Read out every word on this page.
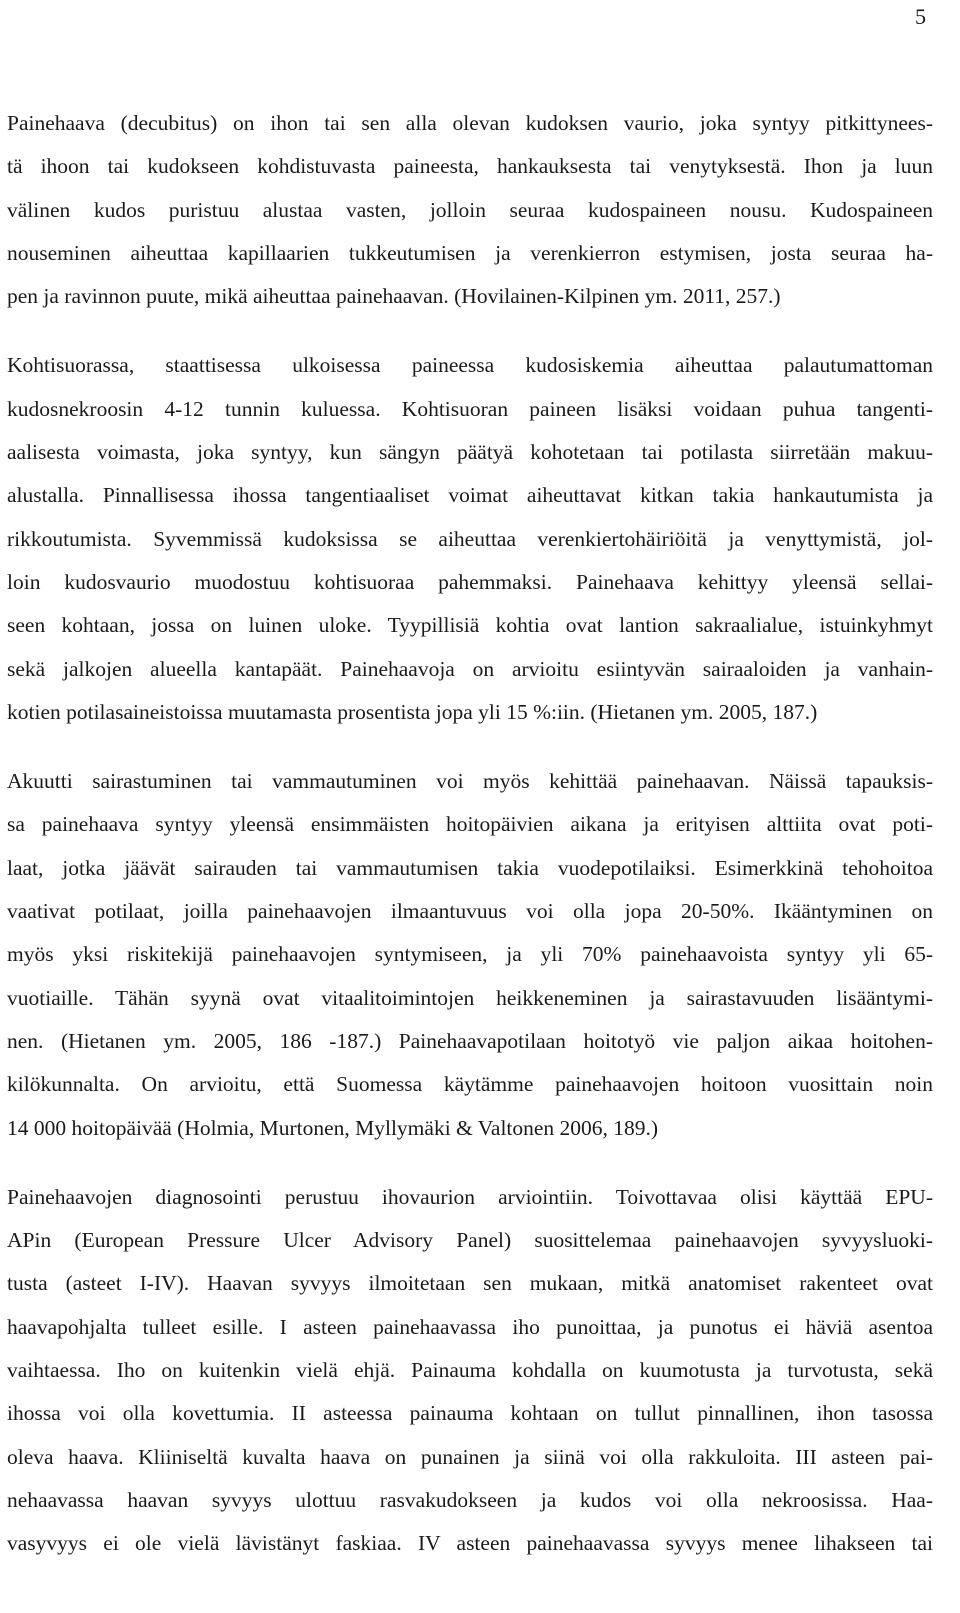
5
Painehaava (decubitus) on ihon tai sen alla olevan kudoksen vaurio, joka syntyy pitkittynees-
tä ihoon tai kudokseen kohdistuvasta paineesta, hankauksesta tai venytyksestä. Ihon ja luun
välinen kudos puristuu alustaa vasten, jolloin seuraa kudospaineen nousu. Kudospaineen
nouseminen aiheuttaa kapillaarien tukkeutumisen ja verenkierron estymisen, josta seuraa ha-
pen ja ravinnon puute, mikä aiheuttaa painehaavan. (Hovilainen-Kilpinen ym. 2011, 257.)
Kohtisuorassa, staattisessa ulkoisessa paineessa kudosiskemia aiheuttaa palautumattoman
kudosnekroosin 4-12 tunnin kuluessa. Kohtisuoran paineen lisäksi voidaan puhua tangenti-
aalisesta voimasta, joka syntyy, kun sängyn päätyä kohotetaan tai potilasta siirretään makuu-
alustalla. Pinnallisessa ihossa tangentiaaliset voimat aiheuttavat kitkan takia hankautumista ja
rikkoutumista. Syvemmissä kudoksissa se aiheuttaa verenkiertohäiriöitä ja venyttymistä, jol-
loin kudosvaurio muodostuu kohtisuoraa pahemmaksi. Painehaava kehittyy yleensä sellai-
seen kohtaan, jossa on luinen uloke. Tyypillisiä kohtia ovat lantion sakraalialue, istuinkyhmyt
sekä jalkojen alueella kantapäät. Painehaavoja on arvioitu esiintyvän sairaaloiden ja vanhain-
kotien potilasaineistoissa muutamasta prosentista jopa yli 15 %:iin. (Hietanen ym. 2005, 187.)
Akuutti sairastuminen tai vammautuminen voi myös kehittää painehaavan. Näissä tapauksis-
sa painehaava syntyy yleensä ensimmäisten hoitopäivien aikana ja erityisen alttiita ovat poti-
laat, jotka jäävät sairauden tai vammautumisen takia vuodepotilaiksi. Esimerkkinä tehohoitoa
vaativat potilaat, joilla painehaavojen ilmaantuvuus voi olla jopa 20-50%. Ikääntyminen on
myös yksi riskitekijä painehaavojen syntymiseen, ja yli 70% painehaavoista syntyy yli 65-
vuotiaille. Tähän syynä ovat vitaalitoimintojen heikkeneminen ja sairastavuuden lisääntymi-
nen. (Hietanen ym. 2005, 186 -187.) Painehaavapotilaan hoitotyö vie paljon aikaa hoitohen-
kilökunnalta. On arvioitu, että Suomessa käytämme painehaavojen hoitoon vuosittain noin
14 000 hoitopäivää (Holmia, Murtonen, Myllymäki & Valtonen 2006, 189.)
Painehaavojen diagnosointi perustuu ihovaurion arviointiin. Toivottavaa olisi käyttää EPU-
APin (European Pressure Ulcer Advisory Panel) suosittelemaa painehaavojen syvyysluoki-
tusta (asteet I-IV). Haavan syvyys ilmoitetaan sen mukaan, mitkä anatomiset rakenteet ovat
haavapohjalta tulleet esille. I asteen painehaavassa iho punoittaa, ja punotus ei häviä asentoa
vaihtaessa. Iho on kuitenkin vielä ehjä. Painauma kohdalla on kuumotusta ja turvotusta, sekä
ihossa voi olla kovettumia. II asteessa painauma kohtaan on tullut pinnallinen, ihon tasossa
oleva haava. Kliiniseltä kuvalta haava on punainen ja siinä voi olla rakkuloita. III asteen pai-
nehaavassa haavan syvyys ulottuu rasvakudokseen ja kudos voi olla nekroosissa. Haa-
vasyvyys ei ole vielä lävistänyt faskiaa. IV asteen painehaavassa syvyys menee lihakseen tai
